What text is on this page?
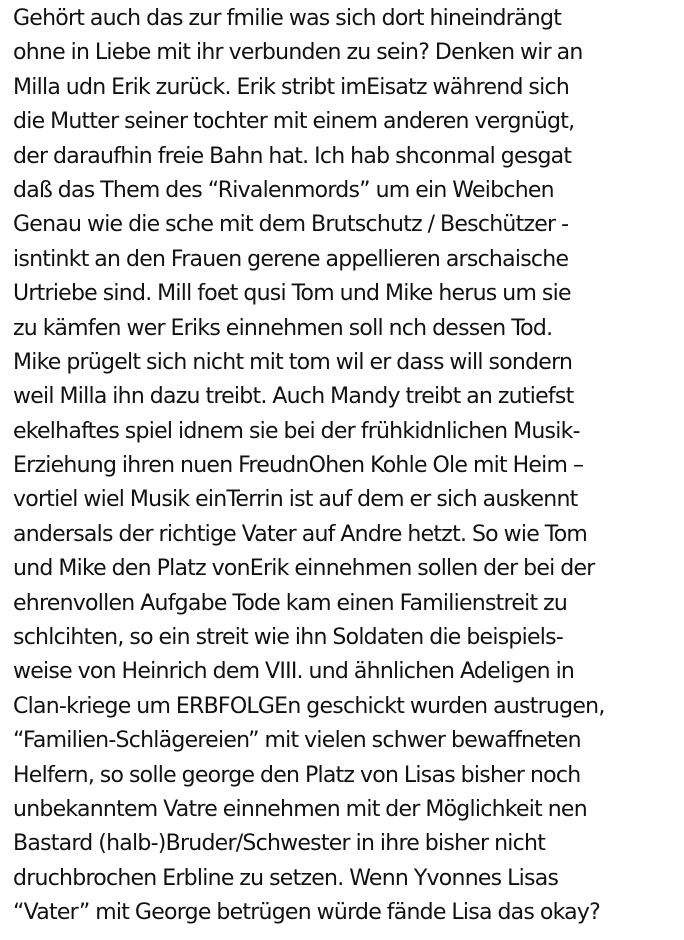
Gehört auch das zur fmilie was sich dort hineindrängt
ohne in Liebe mit ihr verbunden zu sein? Denken wir an
Milla udn Erik zurück. Erik stribt imEisatz während sich
die Mutter seiner tochter mit einem anderen vergnügt,
der daraufhin freie Bahn hat. Ich hab shconmal gesgat
daß das Them des “Rivalenmords” um ein Weibchen
Genau wie die sche mit dem Brutschutz / Beschützer -
isntinkt an den Frauen gerene appellieren arschaische
Urtriebe sind. Mill foet qusi Tom und Mike herus um sie
zu kämfen wer Eriks einnehmen soll nch dessen Tod.
Mike prügelt sich nicht mit tom wil er dass will sondern
weil Milla ihn dazu treibt. Auch Mandy treibt an zutiefst
ekelhaftes spiel idnem sie bei der frühkidnlichen Musik-
Erziehung ihren nuen FreudnOhen Kohle Ole mit Heim –
vortiel wiel Musik einTerrin ist auf dem er sich auskennt
andersals der richtige Vater auf Andre hetzt. So wie Tom
und Mike den Platz vonErik einnehmen sollen der bei der
ehrenvollen Aufgabe Tode kam einen Familienstreit zu
schlcihten, so ein streit wie ihn Soldaten die beispiels-
weise von Heinrich dem VIII. und ähnlichen Adeligen in
Clan-kriege um ERBFOLGEn geschickt wurden austrugen,
“Familien-Schlägereien” mit vielen schwer bewaffneten
Helfern, so solle george den Platz von Lisas bisher noch
unbekanntem Vatre einnehmen mit der Möglichkeit nen
Bastard (halb-)Bruder/Schwester in ihre bisher nicht
druchbrochen Erbline zu setzen. Wenn Yvonnes Lisas
“Vater” mit George betrügen würde fände Lisa das okay?
